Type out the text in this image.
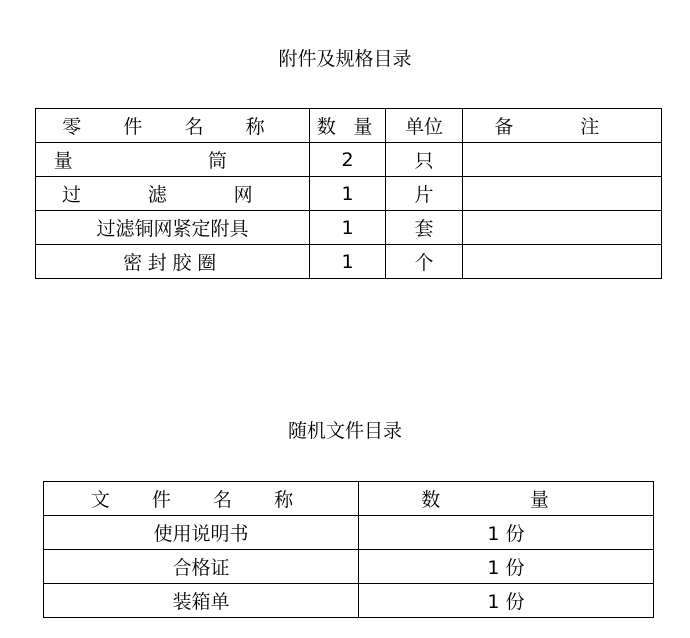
附件及规格目录
零 件 名 称	数 量	单位	备 注
量 筒	2	只	
过 滤 网	1	片	
过滤铜网紧定附具	1	套	
密封胶圈	1	个	
随机文件目录
文 件 名 称	数 量
使用说明书	1 份
合格证	1 份
装箱单	1 份
